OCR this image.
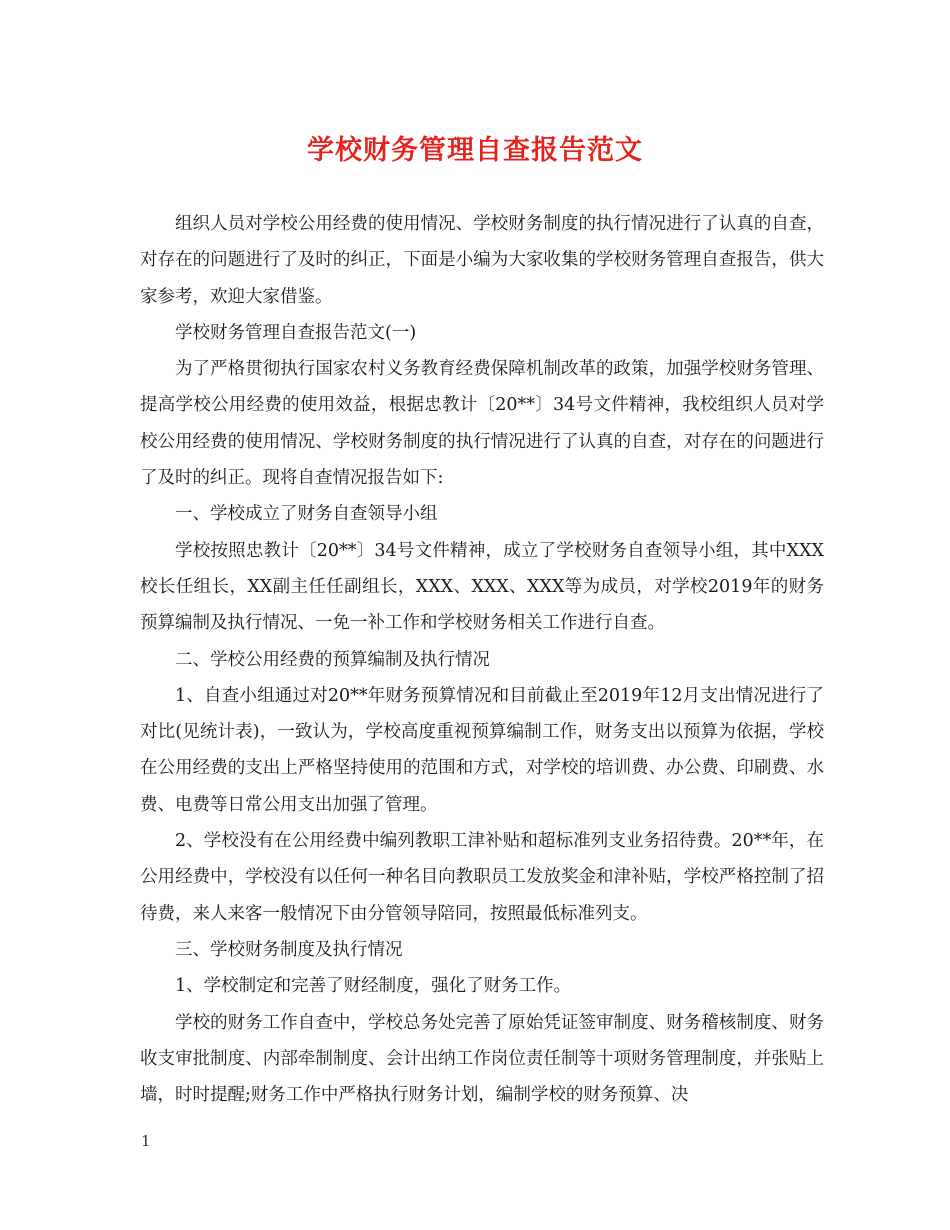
学校财务管理自查报告范文

组织人员对学校公用经费的使用情况、学校财务制度的执行情况进行了认真的自查，对存在的问题进行了及时的纠正，下面是小编为大家收集的学校财务管理自查报告，供大家参考，欢迎大家借鉴。

学校财务管理自查报告范文(一)

为了严格贯彻执行国家农村义务教育经费保障机制改革的政策，加强学校财务管理、提高学校公用经费的使用效益，根据忠教计〔20**〕34号文件精神，我校组织人员对学校公用经费的使用情况、学校财务制度的执行情况进行了认真的自查，对存在的问题进行了及时的纠正。现将自查情况报告如下:

一、学校成立了财务自查领导小组

学校按照忠教计〔20**〕34号文件精神，成立了学校财务自查领导小组，其中XXX校长任组长，XX副主任任副组长，XXX、XXX、XXX等为成员，对学校2019年的财务预算编制及执行情况、一免一补工作和学校财务相关工作进行自查。

二、学校公用经费的预算编制及执行情况

1、自查小组通过对20**年财务预算情况和目前截止至2019年12月支出情况进行了对比(见统计表)，一致认为，学校高度重视预算编制工作，财务支出以预算为依据，学校在公用经费的支出上严格坚持使用的范围和方式，对学校的培训费、办公费、印刷费、水费、电费等日常公用支出加强了管理。

2、学校没有在公用经费中编列教职工津补贴和超标准列支业务招待费。20**年，在公用经费中，学校没有以任何一种名目向教职员工发放奖金和津补贴，学校严格控制了招待费，来人来客一般情况下由分管领导陪同，按照最低标准列支。

三、学校财务制度及执行情况

1、学校制定和完善了财经制度，强化了财务工作。

学校的财务工作自查中，学校总务处完善了原始凭证签审制度、财务稽核制度、财务收支审批制度、内部牵制制度、会计出纳工作岗位责任制等十项财务管理制度，并张贴上墙，时时提醒;财务工作中严格执行财务计划，编制学校的财务预算、决

1
